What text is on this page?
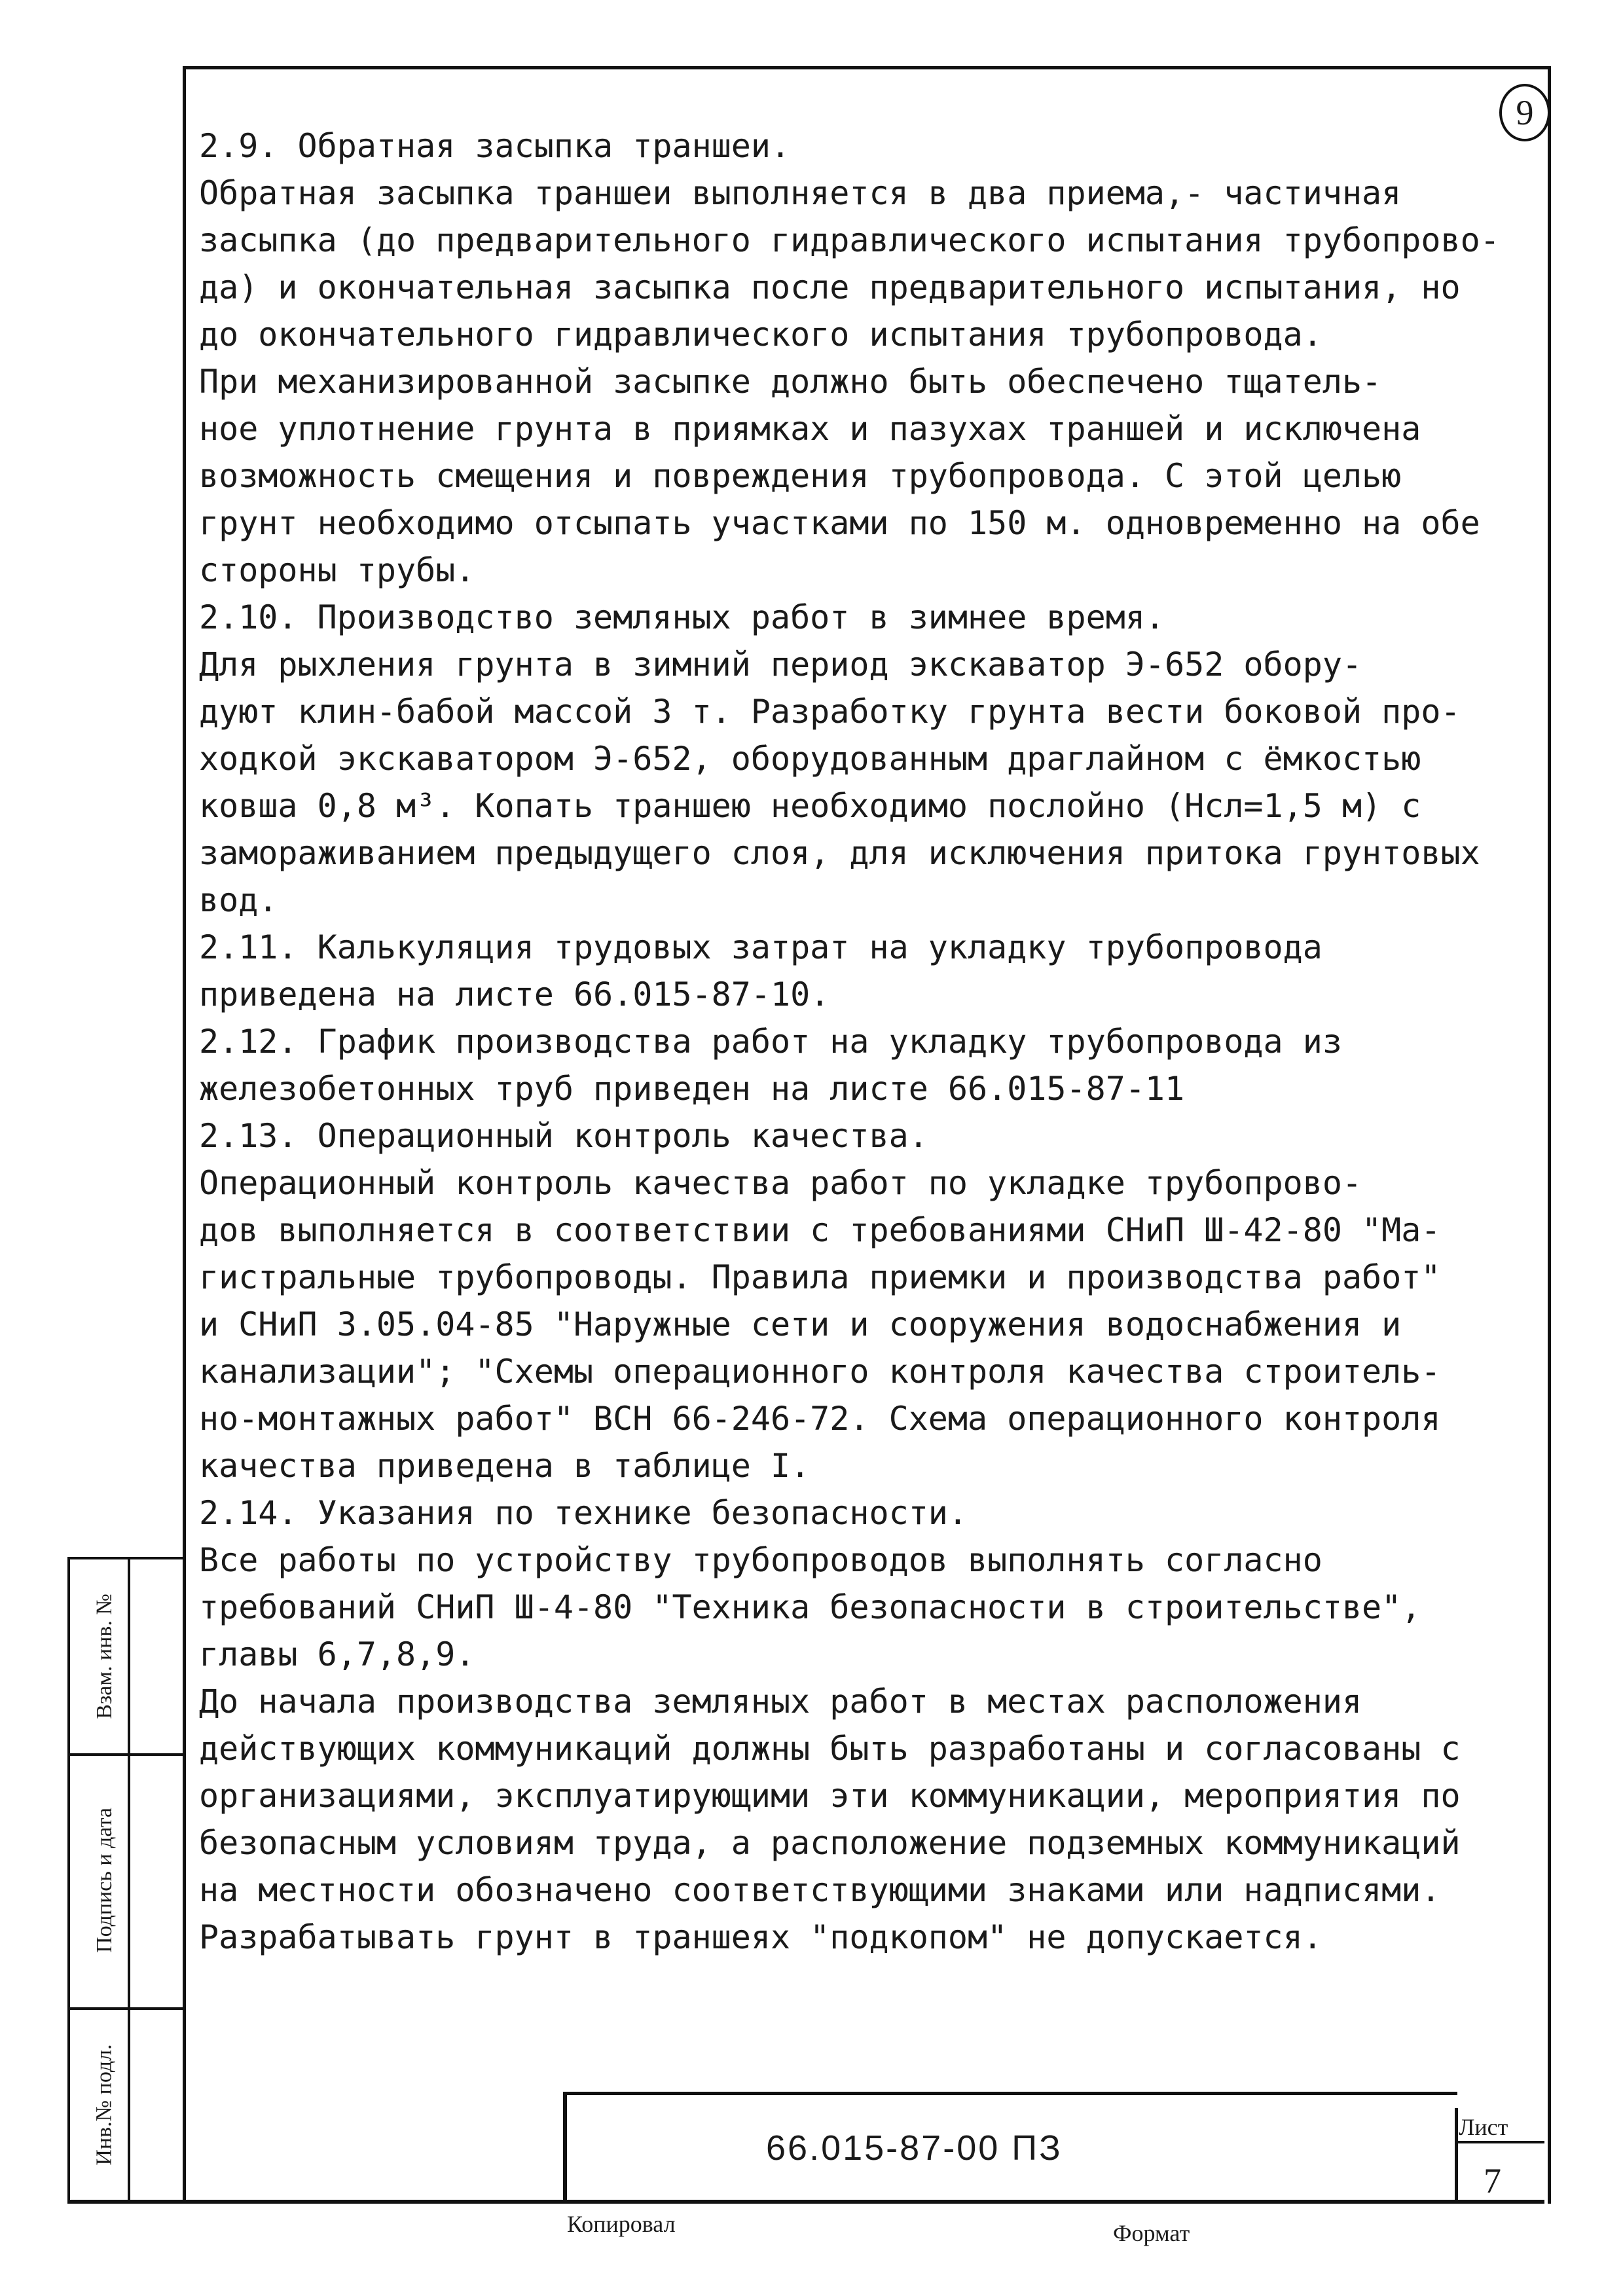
9
2.9. Обратная засыпка траншеи.
Обратная засыпка траншеи выполняется в два приема,- частичная
засыпка (до предварительного гидравлического испытания трубопрово-
да) и окончательная засыпка после предварительного испытания, но
до окончательного гидравлического испытания трубопровода.
При механизированной засыпке должно быть обеспечено тщатель-
ное уплотнение грунта в приямках и пазухах траншей и исключена
возможность смещения и повреждения трубопровода. С этой целью
грунт необходимо отсыпать участками по 150 м. одновременно на обе
стороны трубы.
2.10. Производство земляных работ в зимнее время.
Для рыхления грунта в зимний период экскаватор Э-652 обору-
дуют клин-бабой массой 3 т. Разработку грунта вести боковой про-
ходкой экскаватором Э-652, оборудованным драглайном с ёмкостью
ковша 0,8 м³. Копать траншею необходимо послойно (Нсл=1,5 м) с
замораживанием предыдущего слоя, для исключения притока грунтовых
вод.
2.11. Калькуляция трудовых затрат на укладку трубопровода
приведена на листе 66.015-87-10.
2.12. График производства работ на укладку трубопровода из
железобетонных труб приведен на листе 66.015-87-11
2.13. Операционный контроль качества.
Операционный контроль качества работ по укладке трубопрово-
дов выполняется в соответствии с требованиями СНиП Ш-42-80 "Ма-
гистральные трубопроводы. Правила приемки и производства работ"
и СНиП 3.05.04-85 "Наружные сети и сооружения водоснабжения и
канализации"; "Схемы операционного контроля качества строитель-
но-монтажных работ" ВСН 66-246-72. Схема операционного контроля
качества приведена в таблице I.
2.14. Указания по технике безопасности.
Все работы по устройству трубопроводов выполнять согласно
требований СНиП Ш-4-80 "Техника безопасности в строительстве",
главы 6,7,8,9.
До начала производства земляных работ в местах расположения
действующих коммуникаций должны быть разработаны и согласованы с
организациями, эксплуатирующими эти коммуникации, мероприятия по
безопасным условиям труда, а расположение подземных коммуникаций
на местности обозначено соответствующими знаками или надписями.
Разрабатывать грунт в траншеях "подкопом" не допускается.
Взам. инв. №
Подпись и дата
Инв.№ подл.	66.015-87-00 ПЗ
Лист
7
Копировал	Формат
